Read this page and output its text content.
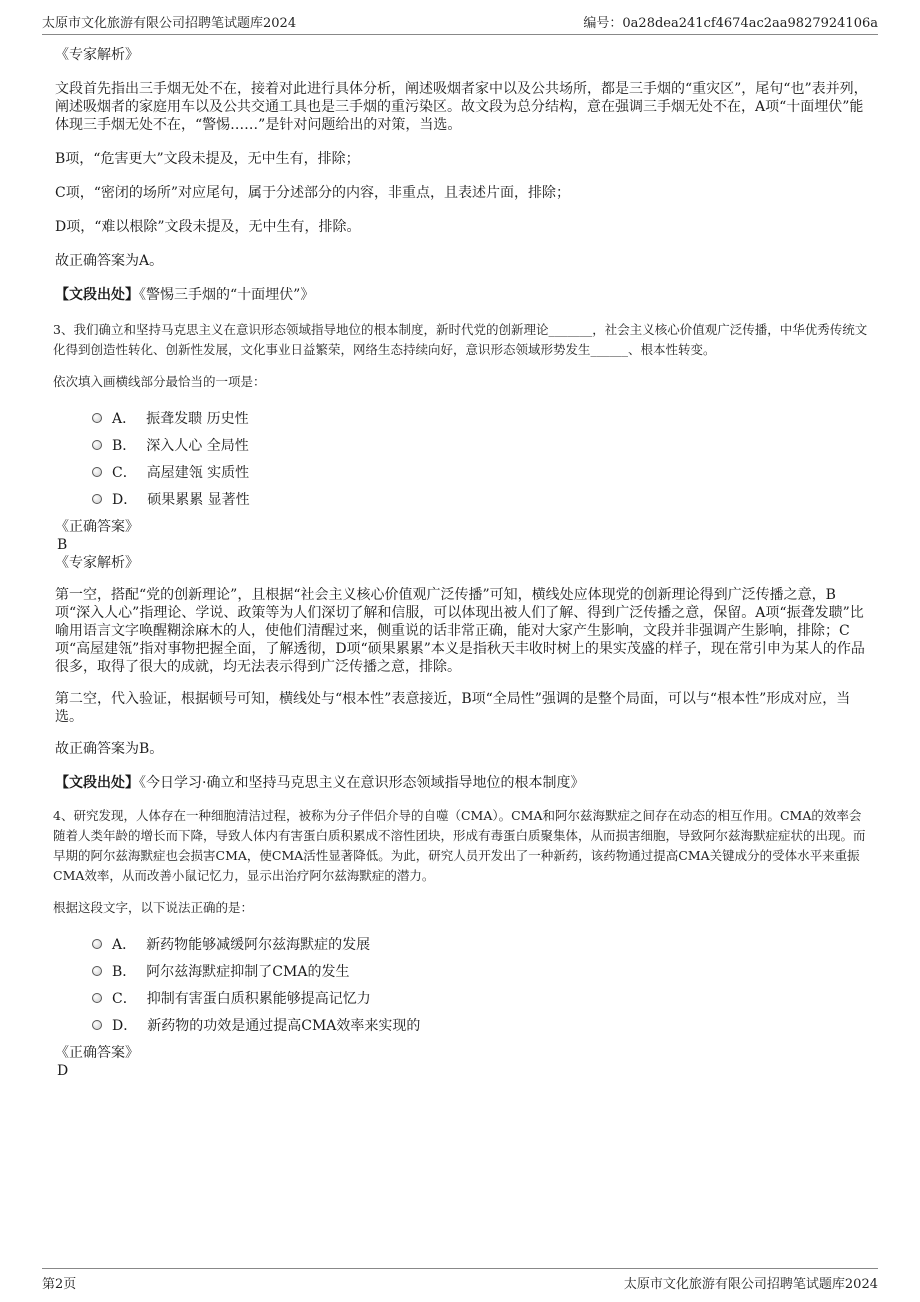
太原市文化旅游有限公司招聘笔试题库2024	编号：0a28dea241cf4674ac2aa9827924106a

《专家解析》

文段首先指出三手烟无处不在，接着对此进行具体分析，阐述吸烟者家中以及公共场所，都是三手烟的“重灾区”，尾句“也”表并列，阐述吸烟者的家庭用车以及公共交通工具也是三手烟的重污染区。故文段为总分结构，意在强调三手烟无处不在，A项“十面埋伏”能体现三手烟无处不在，“警惕……”是针对问题给出的对策，当选。

B项，“危害更大”文段未提及，无中生有，排除；

C项，“密闭的场所”对应尾句，属于分述部分的内容，非重点，且表述片面，排除；

D项，“难以根除”文段未提及，无中生有，排除。

故正确答案为A。

【文段出处】《警惕三手烟的“十面埋伏”》

3、我们确立和坚持马克思主义在意识形态领域指导地位的根本制度，新时代党的创新理论_______，社会主义核心价值观广泛传播，中华优秀传统文化得到创造性转化、创新性发展，文化事业日益繁荣，网络生态持续向好，意识形态领域形势发生______、根本性转变。

依次填入画横线部分最恰当的一项是：

A． 振聋发聩 历史性
B． 深入人心 全局性
C． 高屋建瓴 实质性
D． 硕果累累 显著性

《正确答案》

B

《专家解析》

第一空，搭配“党的创新理论”，且根据“社会主义核心价值观广泛传播”可知，横线处应体现党的创新理论得到广泛传播之意，B项“深入人心”指理论、学说、政策等为人们深切了解和信服，可以体现出被人们了解、得到广泛传播之意，保留。A项“振聋发聩”比喻用语言文字唤醒糊涂麻木的人，使他们清醒过来，侧重说的话非常正确，能对大家产生影响，文段并非强调产生影响，排除；C项“高屋建瓴”指对事物把握全面，了解透彻，D项“硕果累累”本义是指秋天丰收时树上的果实茂盛的样子，现在常引申为某人的作品很多，取得了很大的成就，均无法表示得到广泛传播之意，排除。

第二空，代入验证，根据顿号可知，横线处与“根本性”表意接近，B项“全局性”强调的是整个局面，可以与“根本性”形成对应，当选。

故正确答案为B。

【文段出处】《今日学习·确立和坚持马克思主义在意识形态领域指导地位的根本制度》

4、研究发现，人体存在一种细胞清洁过程，被称为分子伴侣介导的自噬（CMA）。CMA和阿尔兹海默症之间存在动态的相互作用。CMA的效率会随着人类年龄的增长而下降，导致人体内有害蛋白质积累成不溶性团块，形成有毒蛋白质聚集体，从而损害细胞，导致阿尔兹海默症症状的出现。而早期的阿尔兹海默症也会损害CMA，使CMA活性显著降低。为此，研究人员开发出了一种新药，该药物通过提高CMA关键成分的受体水平来重振CMA效率，从而改善小鼠记忆力，显示出治疗阿尔兹海默症的潜力。

根据这段文字，以下说法正确的是：

A． 新药物能够减缓阿尔兹海默症的发展
B． 阿尔兹海默症抑制了CMA的发生
C． 抑制有害蛋白质积累能够提高记忆力
D． 新药物的功效是通过提高CMA效率来实现的

《正确答案》

D

第2页	太原市文化旅游有限公司招聘笔试题库2024
